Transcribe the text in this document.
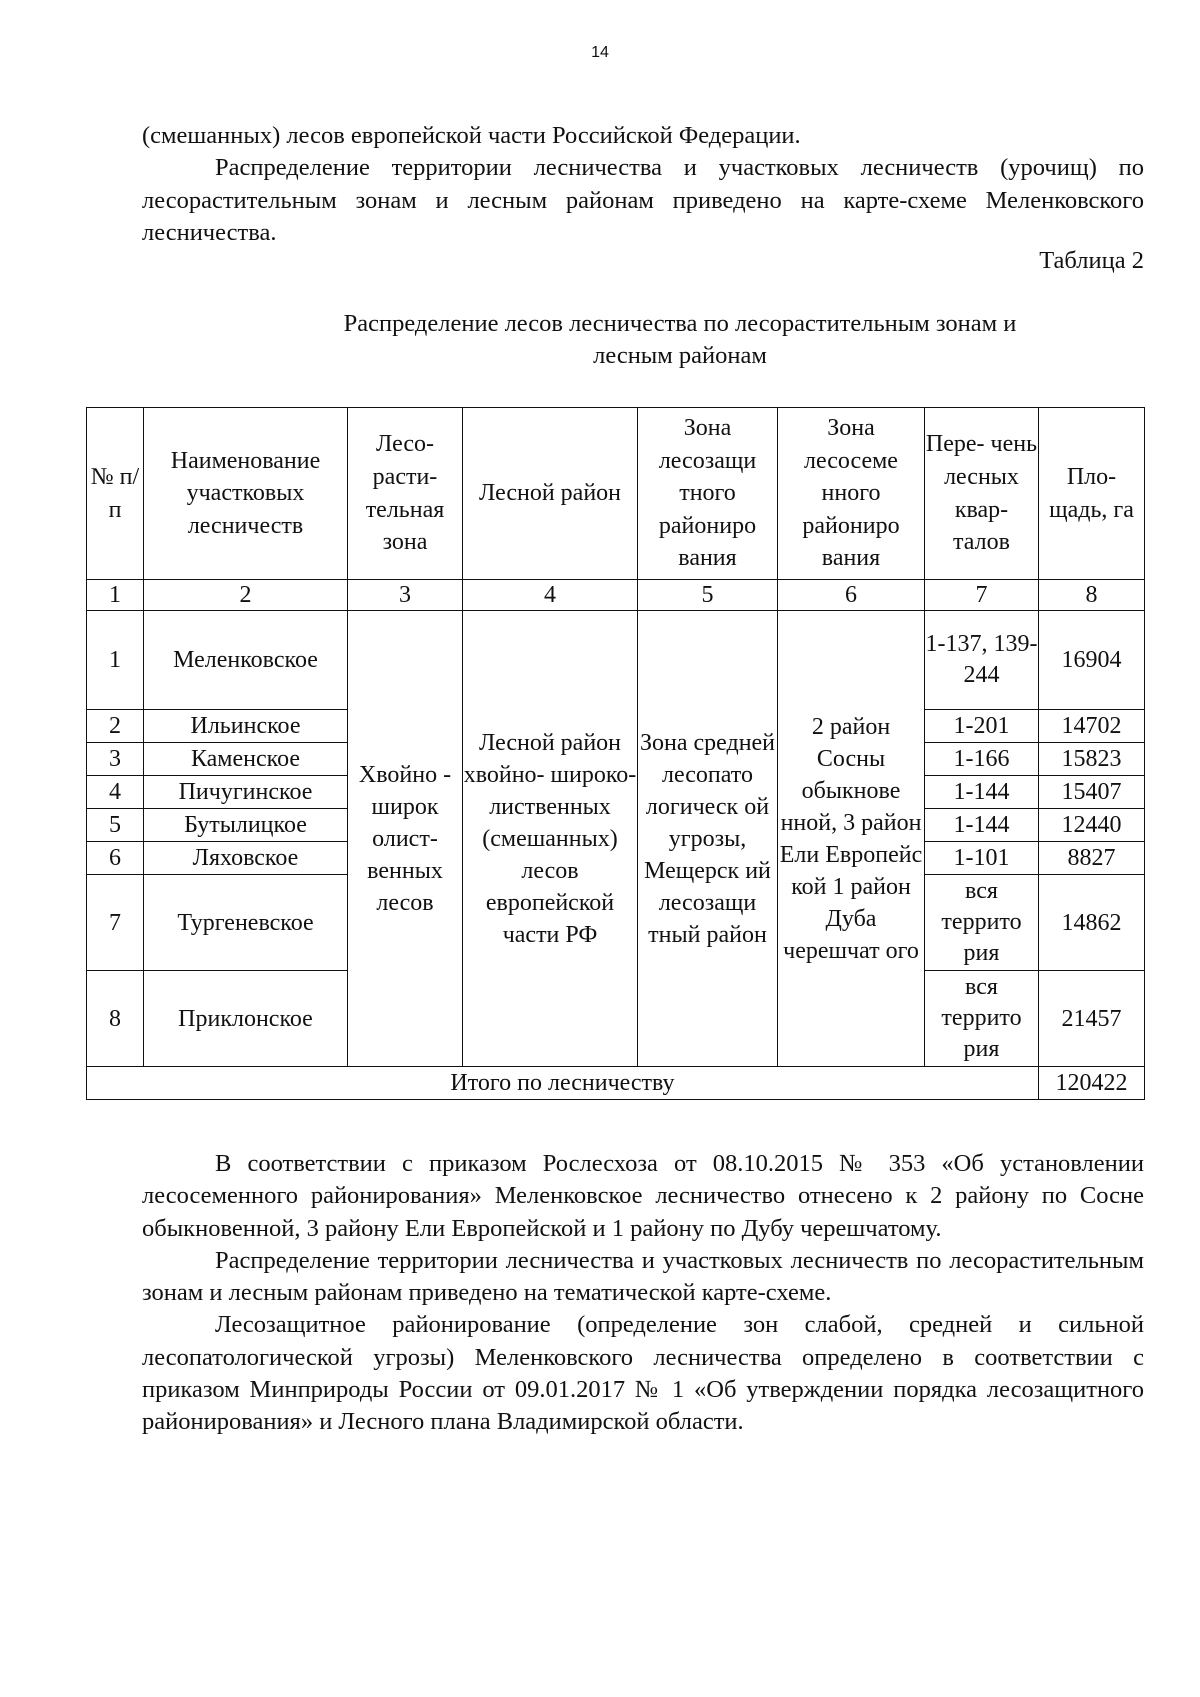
14

(смешанных) лесов европейской части Российской Федерации.

Распределение территории лесничества и участковых лесничеств (урочищ) по лесорастительным зонам и лесным районам приведено на карте-схеме Меленковского лесничества.

Таблица 2
Распределение лесов лесничества по лесорастительным зонам и
лесным районам
№ п/п	Наименование участковых лесничеств	Лесо- расти- тельная зона	Лесной район	Зона лесозащи тного райониро вания	Зона лесосеме нного райониро вания	Пере- чень лесных квар- талов	Пло- щадь, га
1	2	3	4	5	6	7	8
1	Меленковское	Хвойно - широк олист- венных лесов	Лесной район хвойно- широко- лиственных (смешанных) лесов европейской части РФ	Зона средней лесопато логическ ой угрозы, Мещерск ий лесозащи тный район	2 район Сосны обыкнове нной, 3 район Ели Европейс кой 1 район Дуба черешчат ого	1-137, 139- 244	16904
2	Ильинское					1-201	14702
3	Каменское					1-166	15823
4	Пичугинское					1-144	15407
5	Бутылицкое					1-144	12440
6	Ляховское					1-101	8827
7	Тургеневское					вся террито рия	14862
8	Приклонское					вся террито рия	21457
Итого по лесничеству							120422

В соответствии с приказом Рослесхоза от 08.10.2015 № 353 «Об установлении лесосеменного районирования» Меленковское лесничество отнесено к 2 району по Сосне обыкновенной, 3 району Ели Европейской и 1 району по Дубу черешчатому.

Распределение территории лесничества и участковых лесничеств по лесорастительным зонам и лесным районам приведено на тематической карте-схеме.

Лесозащитное районирование (определение зон слабой, средней и сильной лесопатологической угрозы) Меленковского лесничества определено в соответствии с приказом Минприроды России от 09.01.2017 № 1 «Об утверждении порядка лесозащитного районирования» и Лесного плана Владимирской области.
